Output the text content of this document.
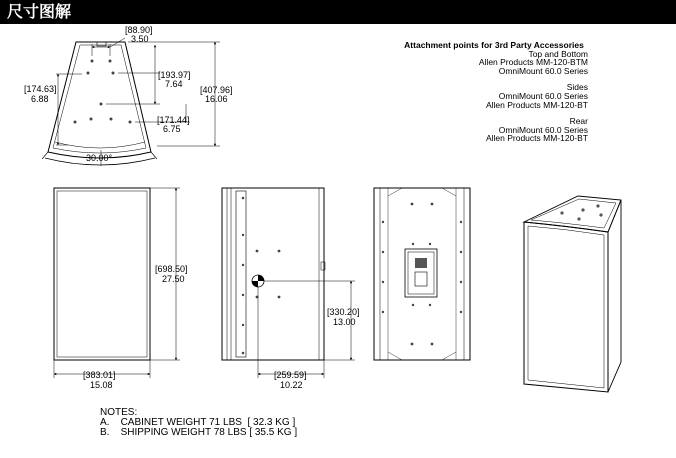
尺寸图解
[88.90]
3.50
[174.63]
6.88
[193.97]
7.64
[407.96]
16.06
[171.44]
6.75
30.00°
[698.50]
27.50
[383.01]
15.08
[330.20]
13.00
[259.59]
10.22
Attachment points for 3rd Party Accessories
Top and Bottom
Allen Products MM-120-BTM
OmniMount 60.0 Series
Sides
OmniMount 60.0 Series
Allen Products MM-120-BT
Rear
OmniMount 60.0 Series
Allen Products MM-120-BT
NOTES:
A. CABINET WEIGHT 71 LBS  [ 32.3 KG ]
B. SHIPPING WEIGHT 78 LBS [ 35.5 KG ]
